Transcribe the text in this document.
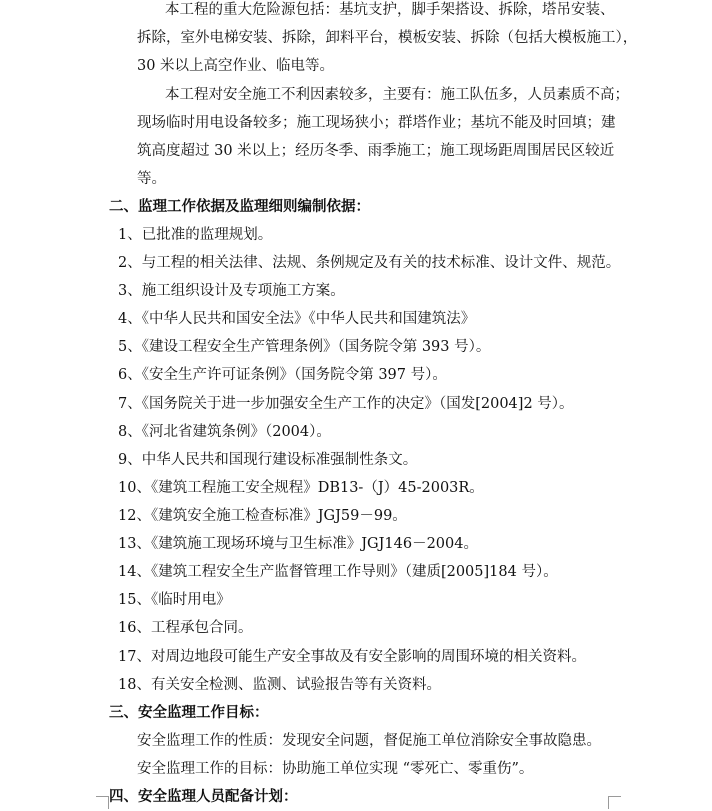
本工程的重大危险源包括：基坑支护，脚手架搭设、拆除，塔吊安装、
拆除，室外电梯安装、拆除，卸料平台，模板安装、拆除（包括大模板施工），
30 米以上高空作业、临电等。
本工程对安全施工不利因素较多，主要有：施工队伍多，人员素质不高；
现场临时用电设备较多；施工现场狭小；群塔作业；基坑不能及时回填；建
筑高度超过 30 米以上；经历冬季、雨季施工；施工现场距周围居民区较近
等。
二、监理工作依据及监理细则编制依据：
1、已批准的监理规划。
2、与工程的相关法律、法规、条例规定及有关的技术标准、设计文件、规范。
3、施工组织设计及专项施工方案。
4、《中华人民共和国安全法》《中华人民共和国建筑法》
5、《建设工程安全生产管理条例》（国务院令第 393 号）。
6、《安全生产许可证条例》（国务院令第 397 号）。
7、《国务院关于进一步加强安全生产工作的决定》（国发[2004]2 号）。
8、《河北省建筑条例》（2004）。
9、中华人民共和国现行建设标准强制性条文。
10、《建筑工程施工安全规程》DB13-（J）45-2003R。
12、《建筑安全施工检查标准》JGJ59－99。
13、《建筑施工现场环境与卫生标准》JGJ146－2004。
14、《建筑工程安全生产监督管理工作导则》（建质[2005]184 号）。
15、《临时用电》
16、工程承包合同。
17、对周边地段可能生产安全事故及有安全影响的周围环境的相关资料。
18、有关安全检测、监测、试验报告等有关资料。
三、安全监理工作目标：
安全监理工作的性质：发现安全问题，督促施工单位消除安全事故隐患。
安全监理工作的目标：协助施工单位实现 “零死亡、零重伤”。
四、安全监理人员配备计划：
